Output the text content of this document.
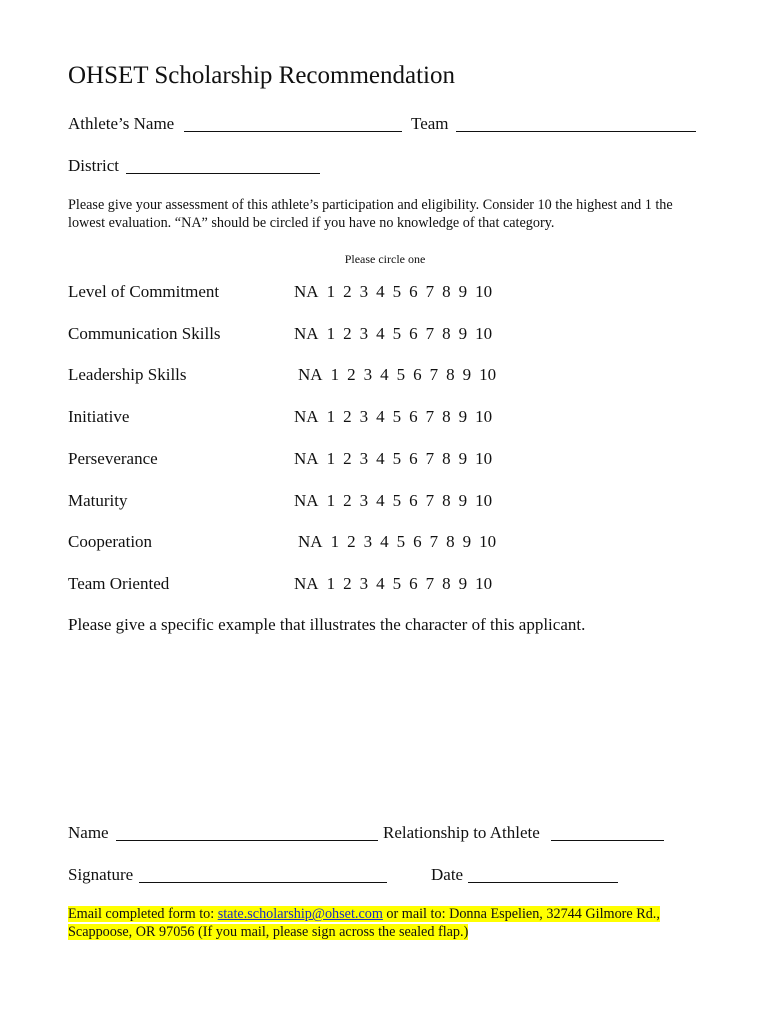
OHSET Scholarship Recommendation
Athlete’s Name	Team
District
Please give your assessment of this athlete’s participation and eligibility. Consider 10 the highest and 1 the lowest evaluation. “NA” should be circled if you have no knowledge of that category.
Please circle one
Level of Commitment	NA 1 2 3 4 5 6 7 8 9 10
Communication Skills	NA 1 2 3 4 5 6 7 8 9 10
Leadership Skills	NA 1 2 3 4 5 6 7 8 9 10
Initiative	NA 1 2 3 4 5 6 7 8 9 10
Perseverance	NA 1 2 3 4 5 6 7 8 9 10
Maturity	NA 1 2 3 4 5 6 7 8 9 10
Cooperation	NA 1 2 3 4 5 6 7 8 9 10
Team Oriented	NA 1 2 3 4 5 6 7 8 9 10
Please give a specific example that illustrates the character of this applicant.
Name	Relationship to Athlete
Signature	Date
Email completed form to: state.scholarship@ohset.com or mail to: Donna Espelien, 32744 Gilmore Rd., Scappoose, OR 97056 (If you mail, please sign across the sealed flap.)
